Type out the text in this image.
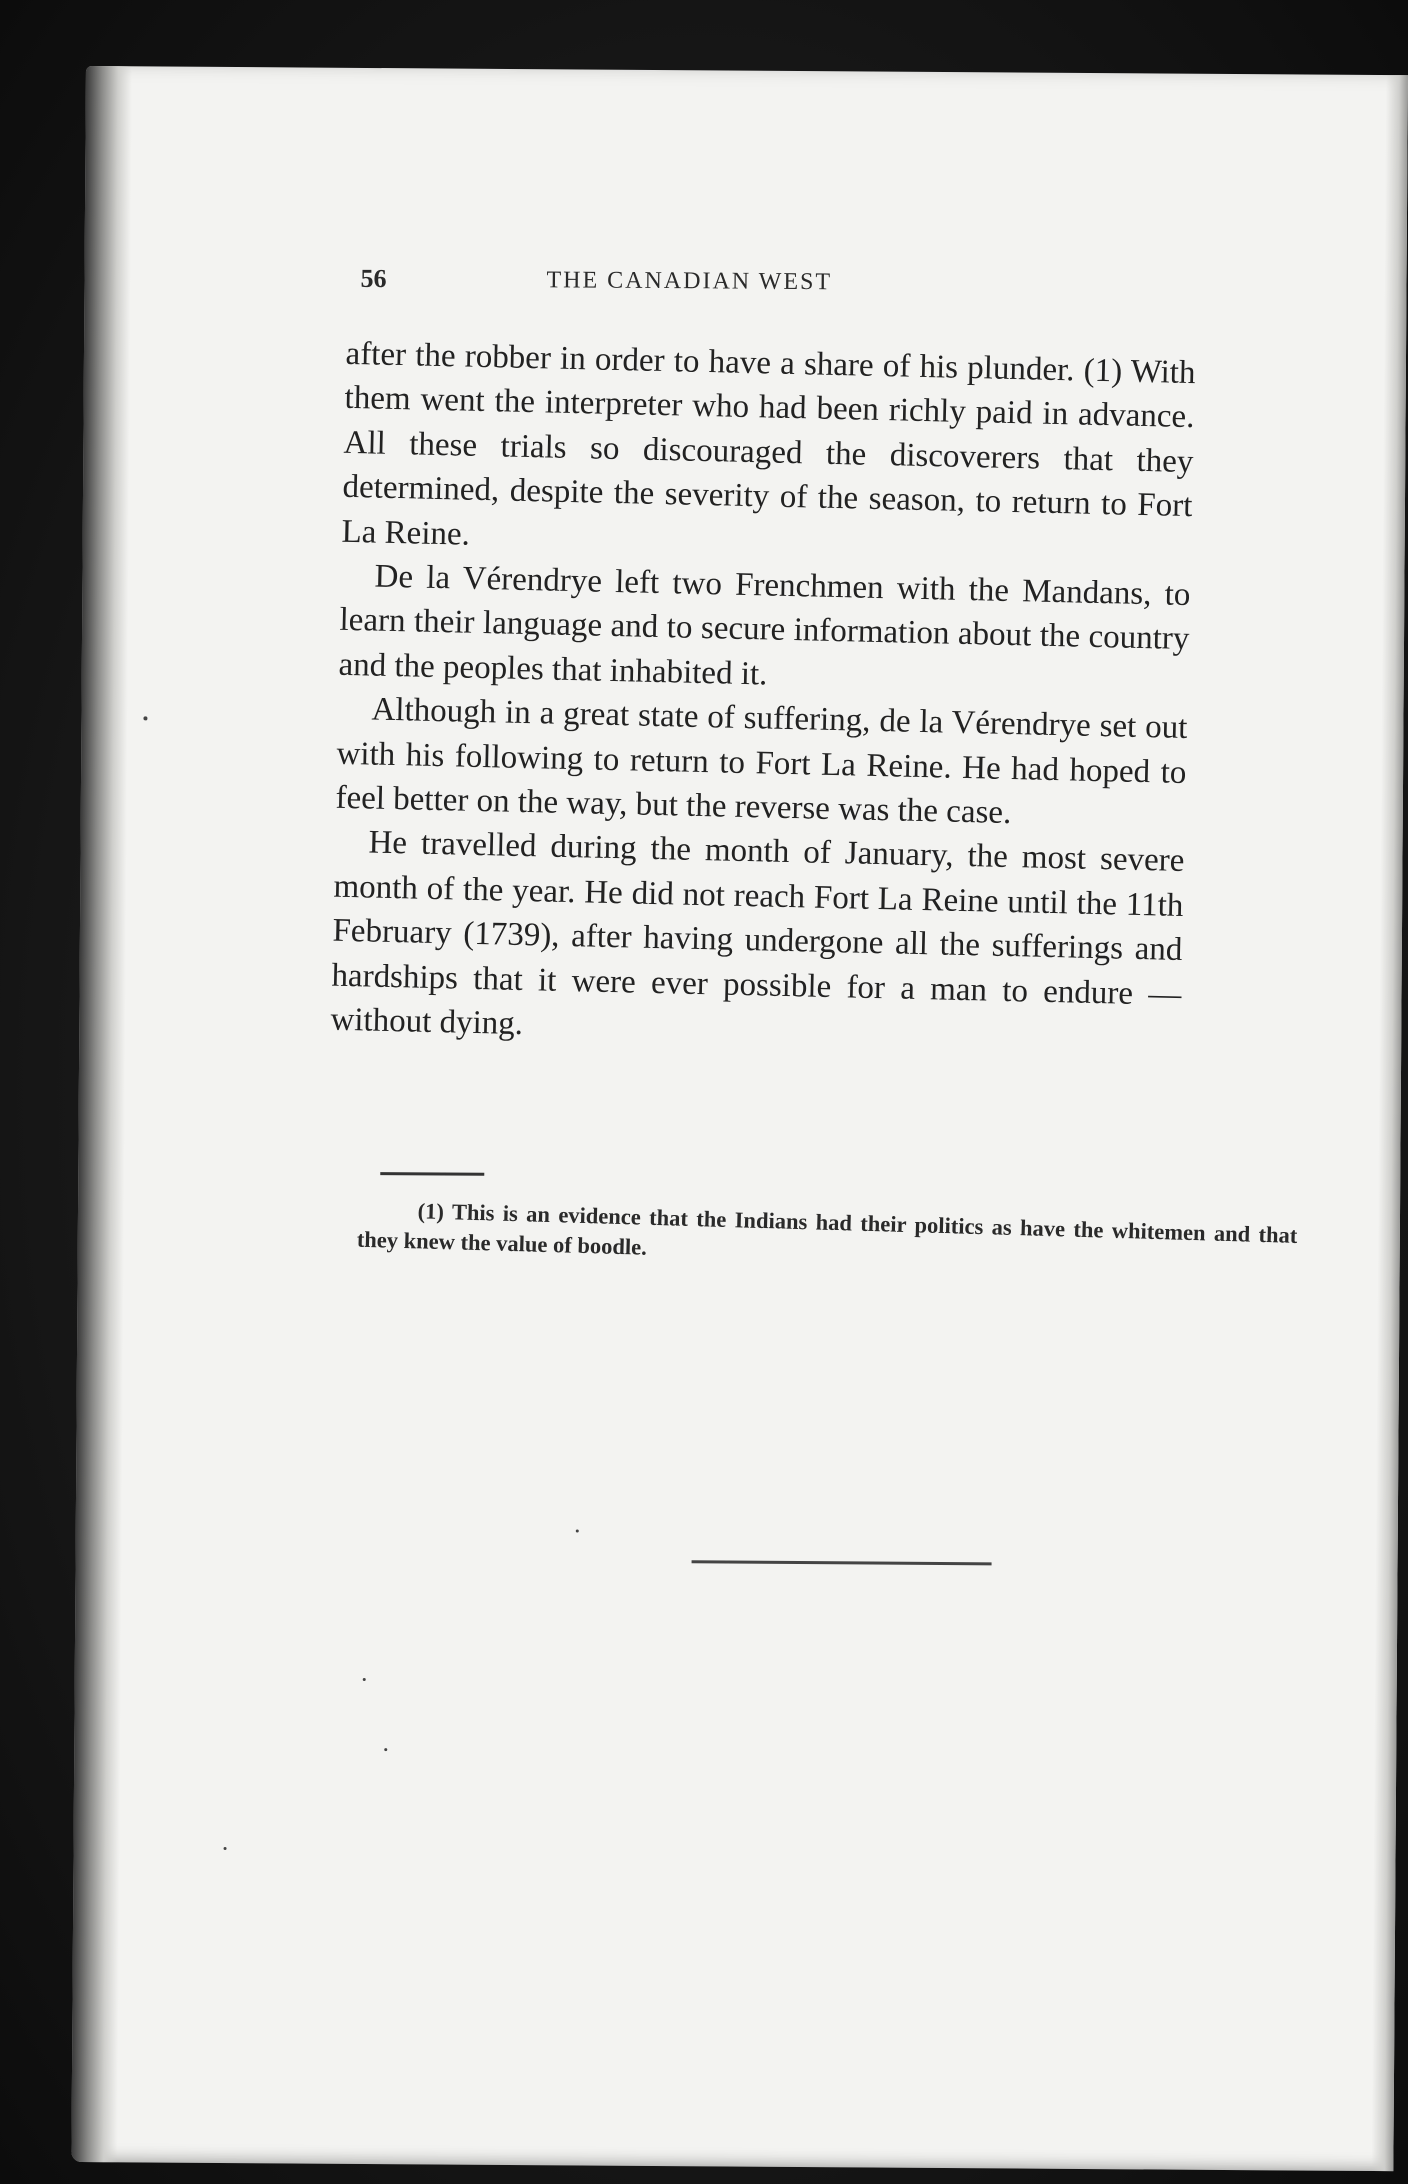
56	THE CANADIAN WEST

after the robber in order to have a share of his plunder. (1) With them went the interpreter who had been richly paid in advance. All these trials so discouraged the discoverers that they determined, despite the severity of the season, to return to Fort La Reine.

De la Vérendrye left two Frenchmen with the Mandans, to learn their language and to secure information about the country and the peoples that inhabited it.

Although in a great state of suffering, de la Vérendrye set out with his following to return to Fort La Reine. He had hoped to feel better on the way, but the reverse was the case.

He travelled during the month of January, the most severe month of the year. He did not reach Fort La Reine until the 11th February (1739), after having undergone all the sufferings and hardships that it were ever possible for a man to endure — without dying.

(1) This is an evidence that the Indians had their politics as have the whitemen and that they knew the value of boodle.
